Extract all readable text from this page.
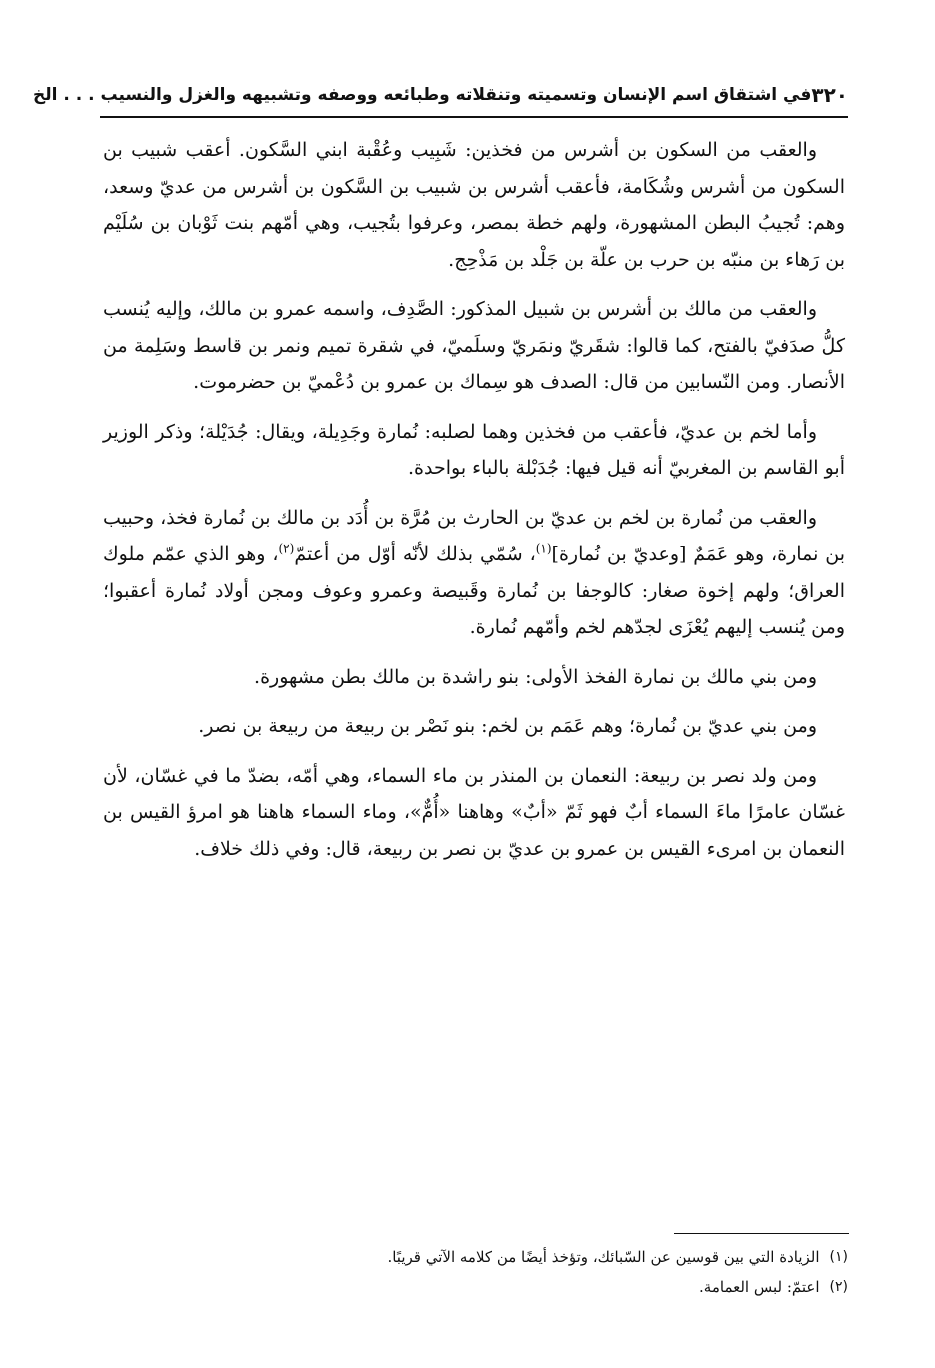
٣٢٠
في اشتقاق اسم الإنسان وتسميته وتنقلاته وطبائعه ووصفه وتشبيهه والغزل والنسيب . . . الخ

والعقب من السكون بن أشرس من فخذين: شَبِيب وعُقْبة ابني السَّكون. أعقب شبيب بن السكون من أشرس وشُكَامة، فأعقب أشرس بن شبيب بن السَّكون بن أشرس من عديّ وسعد، وهم: تُجيبُ البطن المشهورة، ولهم خطة بمصر، وعرفوا بتُجيب، وهي أمّهم بنت ثَوْبان بن سُلَيْم بن رَهاء بن منبّه بن حرب بن علّة بن جَلْد بن مَذْحِج.

والعقب من مالك بن أشرس بن شبيل المذكور: الصَّدِف، واسمه عمرو بن مالك، وإليه يُنسب كلُّ صدَفيّ بالفتح، كما قالوا: شقَريّ ونمَريّ وسلَميّ، في شقرة تميم ونمر بن قاسط وسَلِمة من الأنصار. ومن النّسابين من قال: الصدف هو سِماك بن عمرو بن دُعْميّ بن حضرموت.

وأما لخم بن عديّ، فأعقب من فخذين وهما لصلبه: نُمارة وجَدِيلة، ويقال: جُدَيْلة؛ وذكر الوزير أبو القاسم بن المغربيّ أنه قيل فيها: جُدَبْلة بالباء بواحدة.

والعقب من نُمارة بن لخم بن عديّ بن الحارث بن مُرَّة بن أُدَد بن مالك بن نُمارة فخذ، وحبيب بن نمارة، وهو عَمَمٌ [وعديّ بن نُمارة]$^{(١)}$، سُمّي بذلك لأنّه أوّل من أعتمّ$^{(٢)}$، وهو الذي عمّم ملوك العراق؛ ولهم إخوة صغار: كالوجفا بن نُمارة وقَبيصة وعمرو وعوف ومجن أولاد نُمارة أعقبوا؛ ومن يُنسب إليهم يُعْزَى لجدّهم لخم وأمّهم نُمارة.

ومن بني مالك بن نمارة الفخذ الأولى: بنو راشدة بن مالك بطن مشهورة.

ومن بني عديّ بن نُمارة؛ وهم عَمَم بن لخم: بنو نَصْر بن ربيعة من ربيعة بن نصر.

ومن ولد نصر بن ربيعة: النعمان بن المنذر بن ماء السماء، وهي أمّه، بضدّ ما في غسّان، لأن غسّان عامرًا ماءَ السماء أبٌ فهو ثَمّ «أبٌ» وهاهنا «أُمٌّ»، وماء السماء هاهنا هو امرؤ القيس بن النعمان بن امرىء القيس بن عمرو بن عديّ بن نصر بن ربيعة، قال: وفي ذلك خلاف.

(١)
الزيادة التي بين قوسين عن السّبائك، وتؤخذ أيضًا من كلامه الآتي قريبًا.
(٢)
اعتمّ: لبس العمامة.
